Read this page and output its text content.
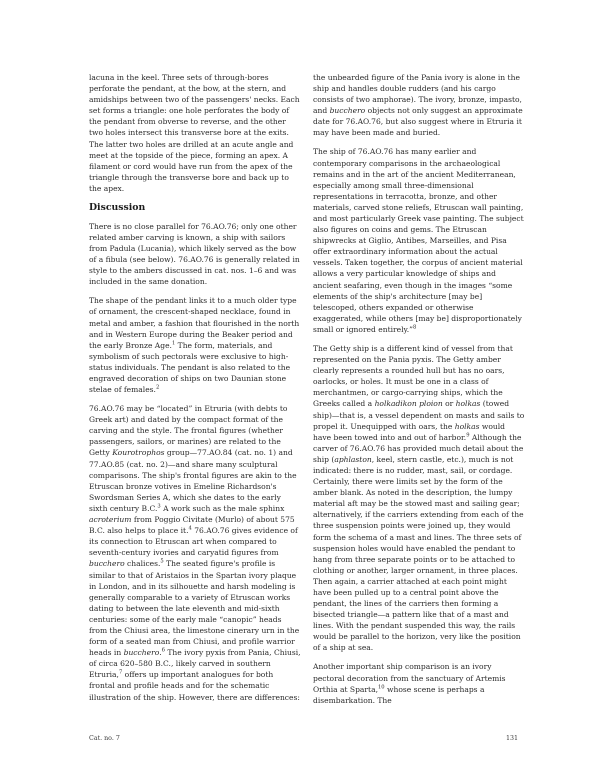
lacuna in the keel. Three sets of through-bores perforate the pendant, at the bow, at the stern, and amidships between two of the passengers' necks. Each set forms a triangle: one hole perforates the body of the pendant from obverse to reverse, and the other two holes intersect this transverse bore at the exits. The latter two holes are drilled at an acute angle and meet at the topside of the piece, forming an apex. A filament or cord would have run from the apex of the triangle through the transverse bore and back up to the apex.

Discussion

There is no close parallel for 76.AO.76; only one other related amber carving is known, a ship with sailors from Padula (Lucania), which likely served as the bow of a fibula (see below). 76.AO.76 is generally related in style to the ambers discussed in cat. nos. 1–6 and was included in the same donation.

The shape of the pendant links it to a much older type of ornament, the crescent-shaped necklace, found in metal and amber, a fashion that flourished in the north and in Western Europe during the Beaker period and the early Bronze Age.$^1$ The form, materials, and symbolism of such pectorals were exclusive to high-status individuals. The pendant is also related to the engraved decoration of ships on two Daunian stone stelae of females.$^2$

76.AO.76 may be “located” in Etruria (with debts to Greek art) and dated by the compact format of the carving and the style. The frontal figures (whether passengers, sailors, or marines) are related to the Getty Kourotrophos group—77.AO.84 (cat. no. 1) and 77.AO.85 (cat. no. 2)—and share many sculptural comparisons. The ship's frontal figures are akin to the Etruscan bronze votives in Emeline Richardson's Swordsman Series A, which she dates to the early sixth century B.C.$^3$ A work such as the male sphinx acroterium from Poggio Civitate (Murlo) of about 575 B.C. also helps to place it.$^4$ 76.AO.76 gives evidence of its connection to Etruscan art when compared to seventh-century ivories and caryatid figures from bucchero chalices.$^5$ The seated figure's profile is similar to that of Aristaios in the Spartan ivory plaque in London, and in its silhouette and harsh modeling is generally comparable to a variety of Etruscan works dating to between the late eleventh and mid-sixth centuries: some of the early male “canopic” heads from the Chiusi area, the limestone cinerary urn in the form of a seated man from Chiusi, and profile warrior heads in bucchero.$^6$ The ivory pyxis from Pania, Chiusi, of circa 620–580 B.C., likely carved in southern Etruria,$^7$ offers up important analogues for both frontal and profile heads and for the schematic illustration of the ship. However, there are differences:

the unbearded figure of the Pania ivory is alone in the ship and handles double rudders (and his cargo consists of two amphorae). The ivory, bronze, impasto, and bucchero objects not only suggest an approximate date for 76.AO.76, but also suggest where in Etruria it may have been made and buried.

The ship of 76.AO.76 has many earlier and contemporary comparisons in the archaeological remains and in the art of the ancient Mediterranean, especially among small three-dimensional representations in terracotta, bronze, and other materials, carved stone reliefs, Etruscan wall painting, and most particularly Greek vase painting. The subject also figures on coins and gems. The Etruscan shipwrecks at Giglio, Antibes, Marseilles, and Pisa offer extraordinary information about the actual vessels. Taken together, the corpus of ancient material allows a very particular knowledge of ships and ancient seafaring, even though in the images “some elements of the ship's architecture [may be] telescoped, others expanded or otherwise exaggerated, while others [may be] disproportionately small or ignored entirely.”$^8$

The Getty ship is a different kind of vessel from that represented on the Pania pyxis. The Getty amber clearly represents a rounded hull but has no oars, oarlocks, or holes. It must be one in a class of merchantmen, or cargo-carrying ships, which the Greeks called a holkadikon ploion or holkas (towed ship)—that is, a vessel dependent on masts and sails to propel it. Unequipped with oars, the holkas would have been towed into and out of harbor.$^9$ Although the carver of 76.AO.76 has provided much detail about the ship (aphlaston, keel, stern castle, etc.), much is not indicated: there is no rudder, mast, sail, or cordage. Certainly, there were limits set by the form of the amber blank. As noted in the description, the lumpy material aft may be the stowed mast and sailing gear; alternatively, if the carriers extending from each of the three suspension points were joined up, they would form the schema of a mast and lines. The three sets of suspension holes would have enabled the pendant to hang from three separate points or to be attached to clothing or another, larger ornament, in three places. Then again, a carrier attached at each point might have been pulled up to a central point above the pendant, the lines of the carriers then forming a bisected triangle—a pattern like that of a mast and lines. With the pendant suspended this way, the rails would be parallel to the horizon, very like the position of a ship at sea.

Another important ship comparison is an ivory pectoral decoration from the sanctuary of Artemis Orthia at Sparta,$^{10}$ whose scene is perhaps a disembarkation. The

Cat. no. 7	131
